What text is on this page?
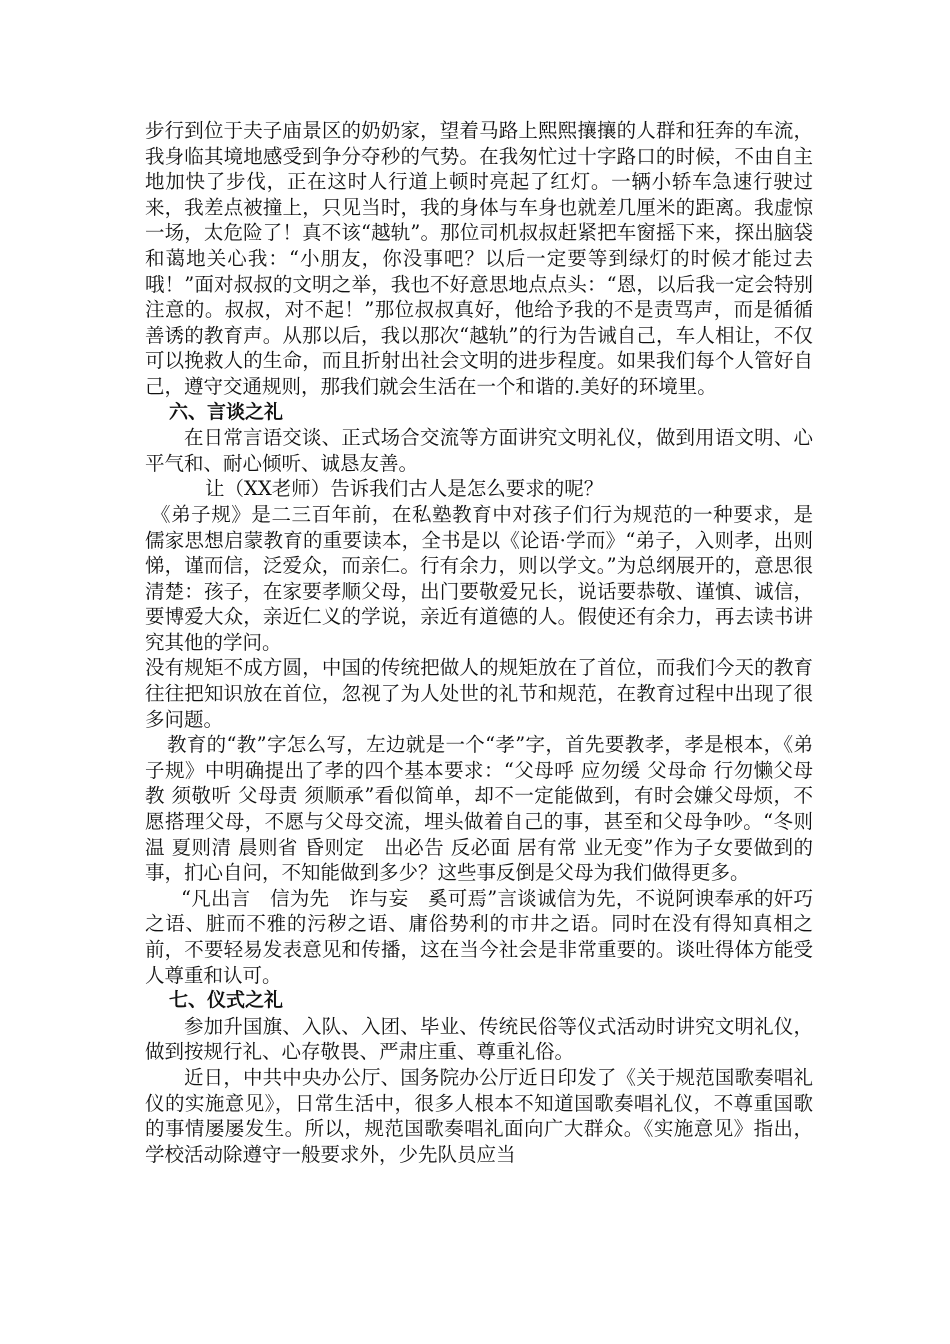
步行到位于夫子庙景区的奶奶家，望着马路上熙熙攘攘的人群和狂奔的车流，我身临其境地感受到争分夺秒的气势。在我匆忙过十字路口的时候，不由自主地加快了步伐，正在这时人行道上顿时亮起了红灯。一辆小轿车急速行驶过来，我差点被撞上，只见当时，我的身体与车身也就差几厘米的距离。我虚惊一场，太危险了！真不该“越轨”。那位司机叔叔赶紧把车窗摇下来，探出脑袋和蔼地关心我：“小朋友，你没事吧？以后一定要等到绿灯的时候才能过去哦！”面对叔叔的文明之举，我也不好意思地点点头：“恩，以后我一定会特别注意的。叔叔，对不起！”那位叔叔真好，他给予我的不是责骂声，而是循循善诱的教育声。从那以后，我以那次“越轨”的行为告诫自己，车人相让，不仅可以挽救人的生命，而且折射出社会文明的进步程度。如果我们每个人管好自己，遵守交通规则，那我们就会生活在一个和谐的.美好的环境里。

六、言谈之礼

在日常言语交谈、正式场合交流等方面讲究文明礼仪，做到用语文明、心平气和、耐心倾听、诚恳友善。

让（XX老师）告诉我们古人是怎么要求的呢？

《弟子规》是二三百年前，在私塾教育中对孩子们行为规范的一种要求，是儒家思想启蒙教育的重要读本，全书是以《论语·学而》“弟子，入则孝，出则悌，谨而信，泛爱众，而亲仁。行有余力，则以学文。”为总纲展开的，意思很清楚：孩子，在家要孝顺父母，出门要敬爱兄长，说话要恭敬、谨慎、诚信，要博爱大众，亲近仁义的学说，亲近有道德的人。假使还有余力，再去读书讲究其他的学问。

没有规矩不成方圆，中国的传统把做人的规矩放在了首位，而我们今天的教育往往把知识放在首位，忽视了为人处世的礼节和规范，在教育过程中出现了很多问题。

教育的“教”字怎么写，左边就是一个“孝”字，首先要教孝，孝是根本，《弟子规》中明确提出了孝的四个基本要求：“父母呼 应勿缓 父母命 行勿懒父母教 须敬听 父母责 须顺承”看似简单，却不一定能做到，有时会嫌父母烦，不愿搭理父母，不愿与父母交流，埋头做着自己的事，甚至和父母争吵。“冬则温 夏则清 晨则省 昏则定　出必告 反必面 居有常 业无变”作为子女要做到的事，扪心自问，不知能做到多少？这些事反倒是父母为我们做得更多。

“凡出言　信为先　诈与妄　奚可焉”言谈诚信为先，不说阿谀奉承的奸巧之语、脏而不雅的污秽之语、庸俗势利的市井之语。同时在没有得知真相之前，不要轻易发表意见和传播，这在当今社会是非常重要的。谈吐得体方能受人尊重和认可。

七、仪式之礼

参加升国旗、入队、入团、毕业、传统民俗等仪式活动时讲究文明礼仪，做到按规行礼、心存敬畏、严肃庄重、尊重礼俗。

近日，中共中央办公厅、国务院办公厅近日印发了《关于规范国歌奏唱礼仪的实施意见》，日常生活中，很多人根本不知道国歌奏唱礼仪，不尊重国歌的事情屡屡发生。所以，规范国歌奏唱礼面向广大群众。《实施意见》指出，学校活动除遵守一般要求外，少先队员应当
